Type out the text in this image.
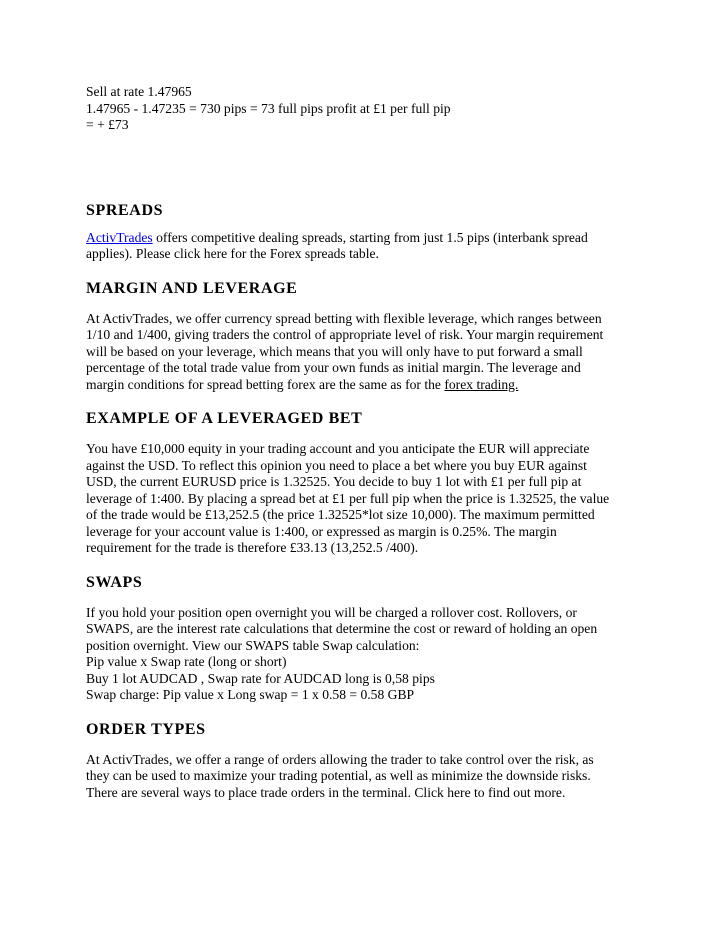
Sell at rate 1.47965
1.47965 - 1.47235 = 730 pips = 73 full pips profit at £1 per full pip
= + £73
SPREADS
ActivTrades offers competitive dealing spreads, starting from just 1.5 pips (interbank spread
applies). Please click here for the Forex spreads table.
MARGIN AND LEVERAGE
At ActivTrades, we offer currency spread betting with flexible leverage, which ranges between
1/10 and 1/400, giving traders the control of appropriate level of risk. Your margin requirement
will be based on your leverage, which means that you will only have to put forward a small
percentage of the total trade value from your own funds as initial margin. The leverage and
margin conditions for spread betting forex are the same as for the forex trading.
EXAMPLE OF A LEVERAGED BET
You have £10,000 equity in your trading account and you anticipate the EUR will appreciate
against the USD. To reflect this opinion you need to place a bet where you buy EUR against
USD, the current EURUSD price is 1.32525. You decide to buy 1 lot with £1 per full pip at
leverage of 1:400. By placing a spread bet at £1 per full pip when the price is 1.32525, the value
of the trade would be £13,252.5 (the price 1.32525*lot size 10,000). The maximum permitted
leverage for your account value is 1:400, or expressed as margin is 0.25%. The margin
requirement for the trade is therefore £33.13 (13,252.5 /400).
SWAPS
If you hold your position open overnight you will be charged a rollover cost. Rollovers, or
SWAPS, are the interest rate calculations that determine the cost or reward of holding an open
position overnight. View our SWAPS table Swap calculation:
Pip value x Swap rate (long or short)
Buy 1 lot AUDCAD , Swap rate for AUDCAD long is 0,58 pips
Swap charge: Pip value x Long swap = 1 x 0.58 = 0.58 GBP
ORDER TYPES
At ActivTrades, we offer a range of orders allowing the trader to take control over the risk, as
they can be used to maximize your trading potential, as well as minimize the downside risks.
There are several ways to place trade orders in the terminal. Click here to find out more.
